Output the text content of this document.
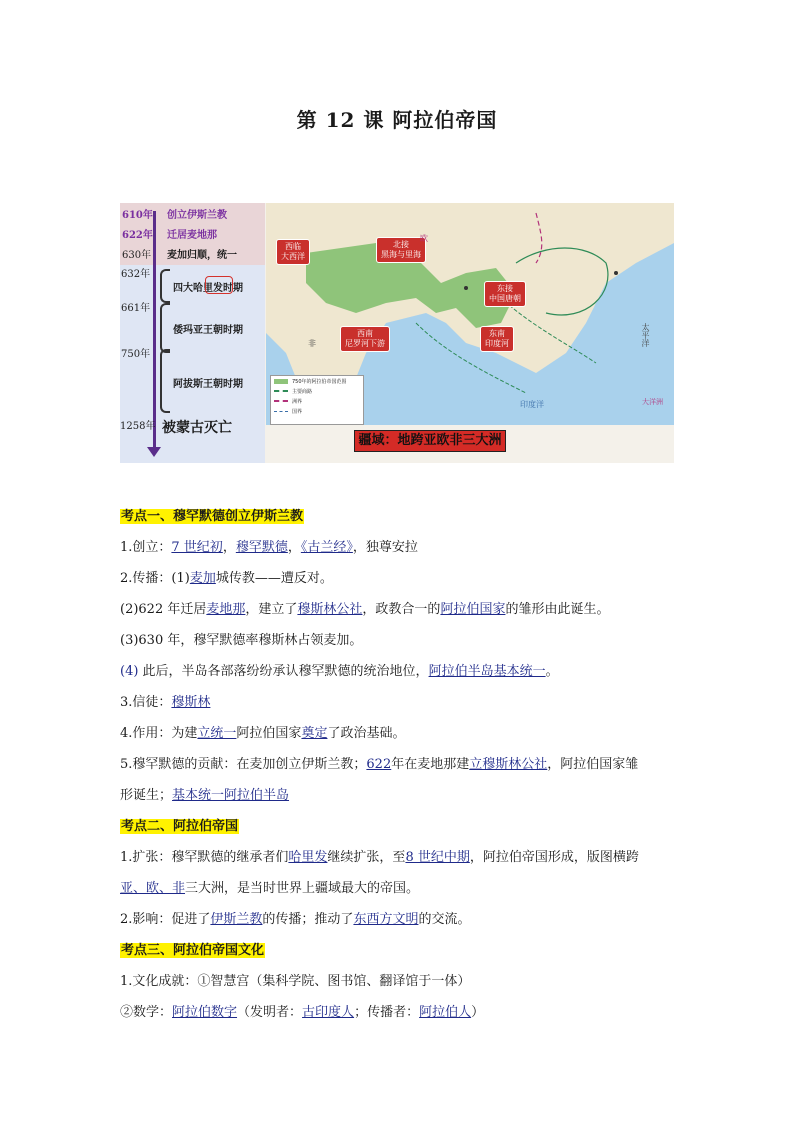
第 12 课 阿拉伯帝国
610年 创立伊斯兰教
622年 迁居麦地那
630年 麦加归顺，统一
632年
四大哈里发时期
661年
倭玛亚王朝时期
750年
阿拔斯王朝时期
1258年 被蒙古灭亡
西临
大西洋
北接
黑海与里海
东接
中国唐朝
西南
尼罗河下游
东南
印度河
欧
非	太平洋
大洋洲
印度洋
750年的阿拉伯帝国范围
主要商路
洲界
国界
疆域：地跨亚欧非三大洲
考点一、穆罕默德创立伊斯兰教
1.创立：7 世纪初，穆罕默德，《古兰经》，独尊安拉
2.传播：(1)麦加城传教——遭反对。
(2)622 年迁居麦地那，建立了穆斯林公社，政教合一的阿拉伯国家的雏形由此诞生。
(3)630 年，穆罕默德率穆斯林占领麦加。
(4) 此后，半岛各部落纷纷承认穆罕默德的统治地位，阿拉伯半岛基本统一。
3.信徒：穆斯林
4.作用：为建立统一阿拉伯国家奠定了政治基础。
5.穆罕默德的贡献：在麦加创立伊斯兰教；622年在麦地那建立穆斯林公社，阿拉伯国家雏
形诞生；基本统一阿拉伯半岛
考点二、阿拉伯帝国
1.扩张：穆罕默德的继承者们哈里发继续扩张，至8 世纪中期，阿拉伯帝国形成，版图横跨
亚、欧、非三大洲，是当时世界上疆域最大的帝国。
2.影响：促进了伊斯兰教的传播；推动了东西方文明的交流。
考点三、阿拉伯帝国文化
1.文化成就：①智慧宫（集科学院、图书馆、翻译馆于一体）
②数学：阿拉伯数字（发明者：古印度人；传播者：阿拉伯人）
